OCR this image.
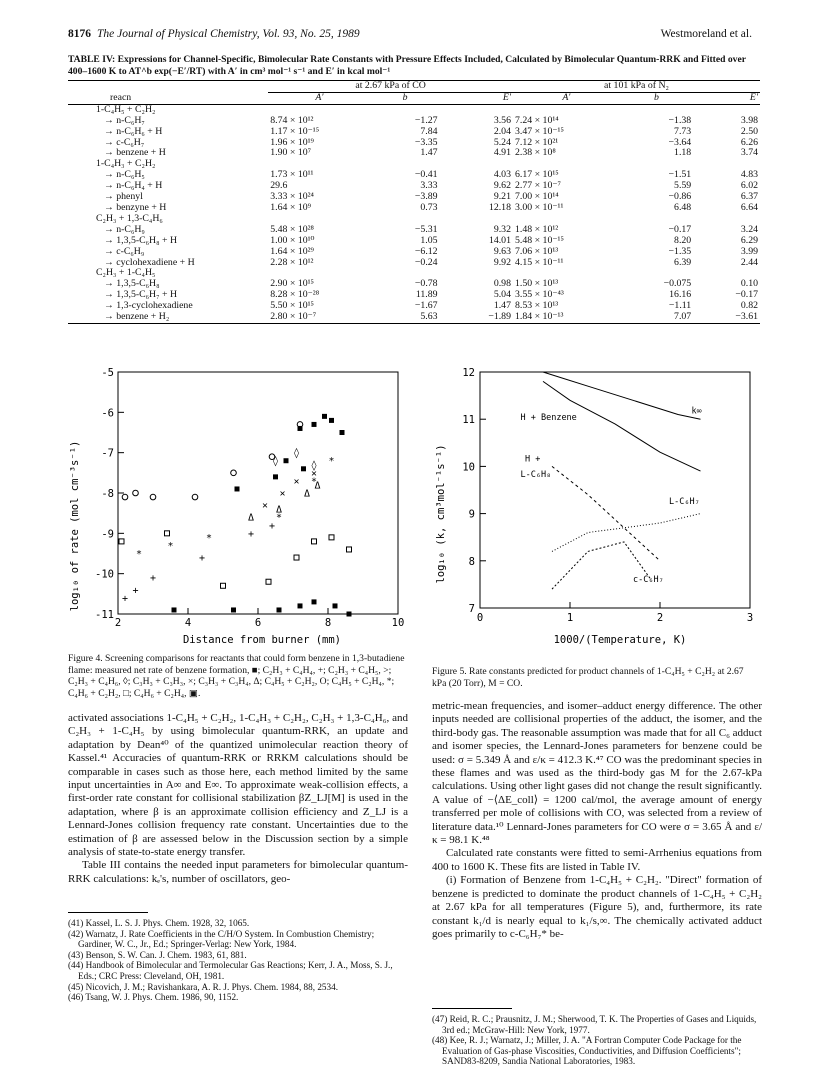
8176 The Journal of Physical Chemistry, Vol. 93, No. 25, 1989	Westmoreland et al.
TABLE IV: Expressions for Channel-Specific, Bimolecular Rate Constants with Pressure Effects Included, Calculated by Bimolecular Quantum-RRK and Fitted over 400–1600 K to AT^b exp(−E′/RT) with A′ in cm³ mol⁻¹ s⁻¹ and E′ in kcal mol⁻¹
	at 2.67 kPa of CO			at 101 kPa of N₂		
reacn	A′	b	E′	A′	b	E′
1-C₄H₅ + C₂H₂						
→ n-C₆H₇	8.74 × 10¹²	−1.27	3.56	7.24 × 10¹⁴	−1.38	3.98
→ n-C₆H₆ + H	1.17 × 10⁻¹⁵	7.84	2.04	3.47 × 10⁻¹⁵	7.73	2.50
→ c-C₆H₇	1.96 × 10¹⁹	−3.35	5.24	7.12 × 10²¹	−3.64	6.26
→ benzene + H	1.90 × 10⁷	1.47	4.91	2.38 × 10⁸	1.18	3.74
1-C₄H₃ + C₂H₂						
→ n-C₆H₅	1.73 × 10¹¹	−0.41	4.03	6.17 × 10¹⁵	−1.51	4.83
→ n-C₆H₄ + H	29.6	3.33	9.62	2.77 × 10⁻⁷	5.59	6.02
→ phenyl	3.33 × 10²⁴	−3.89	9.21	7.00 × 10¹⁴	−0.86	6.37
→ benzyne + H	1.64 × 10⁹	0.73	12.18	3.00 × 10⁻¹¹	6.48	6.64
C₂H₃ + 1,3-C₄H₆						
→ n-C₆H₉	5.48 × 10²⁸	−5.31	9.32	1.48 × 10¹²	−0.17	3.24
→ 1,3,5-C₆H₈ + H	1.00 × 10¹⁰	1.05	14.01	5.48 × 10⁻¹⁵	8.20	6.29
→ c-C₆H₉	1.64 × 10²⁹	−6.12	9.63	7.06 × 10¹³	−1.35	3.99
→ cyclohexadiene + H	2.28 × 10¹²	−0.24	9.92	4.15 × 10⁻¹¹	6.39	2.44
C₂H₃ + 1-C₄H₅						
→ 1,3,5-C₆H₈	2.90 × 10¹⁵	−0.78	0.98	1.50 × 10¹³	−0.075	0.10
→ 1,3,5-C₆H₇ + H	8.28 × 10⁻²⁸	11.89	5.04	3.55 × 10⁻⁴³	16.16	−0.17
→ 1,3-cyclohexadiene	5.50 × 10¹⁵	−1.67	1.47	8.53 × 10¹³	−1.11	0.82
→ benzene + H₂	2.80 × 10⁻⁷	5.63	−1.89	1.84 × 10⁻¹³	7.07	−3.61
2	4	6	8	10
-11
-10
-9
-8
-7
-6
-5
+
+
+
+
+
+
◊
◊
◊
×
×
×
×
Δ
Δ
Δ
Δ
*
*
*
*
*
*
log₁₀ of rate (mol cm⁻³s⁻¹)
Distance from burner (mm)
Figure 4. Screening comparisons for reactants that could form benzene in 1,3-butadiene flame: measured net rate of benzene formation, ■; C₂H₃ + C₄H₄, +; C₂H₃ + C₄H₅, >; C₂H₃ + C₄H₆, ◊; C₃H₃ + C₃H₃, ×; C₃H₃ + C₃H₄, Δ; C₄H₅ + C₂H₂, O; C₄H₅ + C₂H₄, *; C₄H₆ + C₂H₂, □; C₄H₆ + C₂H₄, ▣.
0	1	2	3
7
8
9
10
11
12
k∞
H + Benzene
H +
L-C₆H₈
L-C₆H₇
c-C₆H₇
log₁₀ (k, cm³mol⁻¹s⁻¹)
1000/(Temperature, K)
Figure 5. Rate constants predicted for product channels of 1-C₄H₅ + C₂H₂ at 2.67 kPa (20 Torr), M = CO.

activated associations 1-C₄H₅ + C₂H₂, 1-C₄H₃ + C₂H₂, C₂H₃ + 1,3-C₄H₆, and C₂H₃ + 1-C₄H₅ by using bimolecular quantum-RRK, an update and adaptation by Dean⁴⁰ of the quantized unimolecular reaction theory of Kassel.⁴¹ Accuracies of quantum-RRK or RRKM calculations should be comparable in cases such as those here, each method limited by the same input uncertainties in A∞ and E∞. To approximate weak-collision effects, a first-order rate constant for collisional stabilization βZ_LJ[M] is used in the adaptation, where β is an approximate collision efficiency and Z_LJ is a Lennard-Jones collision frequency rate constant. Uncertainties due to the estimation of β are assessed below in the Discussion section by a simple analysis of state-to-state energy transfer.

Table III contains the needed input parameters for bimolecular quantum-RRK calculations: kₑ's, number of oscillators, geo-

metric-mean frequencies, and isomer–adduct energy difference. The other inputs needed are collisional properties of the adduct, the isomer, and the third-body gas. The reasonable assumption was made that for all C₆ adduct and isomer species, the Lennard-Jones parameters for benzene could be used: σ = 5.349 Å and ε/κ = 412.3 K.⁴⁷ CO was the predominant species in these flames and was used as the third-body gas M for the 2.67-kPa calculations. Using other light gases did not change the result significantly. A value of −⟨ΔE_coll⟩ = 1200 cal/mol, the average amount of energy transferred per mole of collisions with CO, was selected from a review of literature data.¹⁰ Lennard-Jones parameters for CO were σ = 3.65 Å and ε/κ = 98.1 K.⁴⁸

Calculated rate constants were fitted to semi-Arrhenius equations from 400 to 1600 K. These fits are listed in Table IV.

(i) Formation of Benzene from 1-C₄H₅ + C₂H₂. "Direct" formation of benzene is predicted to dominate the product channels of 1-C₄H₅ + C₂H₂ at 2.67 kPa for all temperatures (Figure 5), and, furthermore, its rate constant k₁/d is nearly equal to k₁/s,∞. The chemically activated adduct goes primarily to c-C₆H₇* be-

(41) Kassel, L. S. J. Phys. Chem. 1928, 32, 1065.
(42) Warnatz, J. Rate Coefficients in the C/H/O System. In Combustion Chemistry; Gardiner, W. C., Jr., Ed.; Springer-Verlag: New York, 1984.
(43) Benson, S. W. Can. J. Chem. 1983, 61, 881.
(44) Handbook of Bimolecular and Termolecular Gas Reactions; Kerr, J. A., Moss, S. J., Eds.; CRC Press: Cleveland, OH, 1981.
(45) Nicovich, J. M.; Ravishankara, A. R. J. Phys. Chem. 1984, 88, 2534.
(46) Tsang, W. J. Phys. Chem. 1986, 90, 1152.
(47) Reid, R. C.; Prausnitz, J. M.; Sherwood, T. K. The Properties of Gases and Liquids, 3rd ed.; McGraw-Hill: New York, 1977.
(48) Kee, R. J.; Warnatz, J.; Miller, J. A. "A Fortran Computer Code Package for the Evaluation of Gas-phase Viscosities, Conductivities, and Diffusion Coefficients"; SAND83-8209, Sandia National Laboratories, 1983.
